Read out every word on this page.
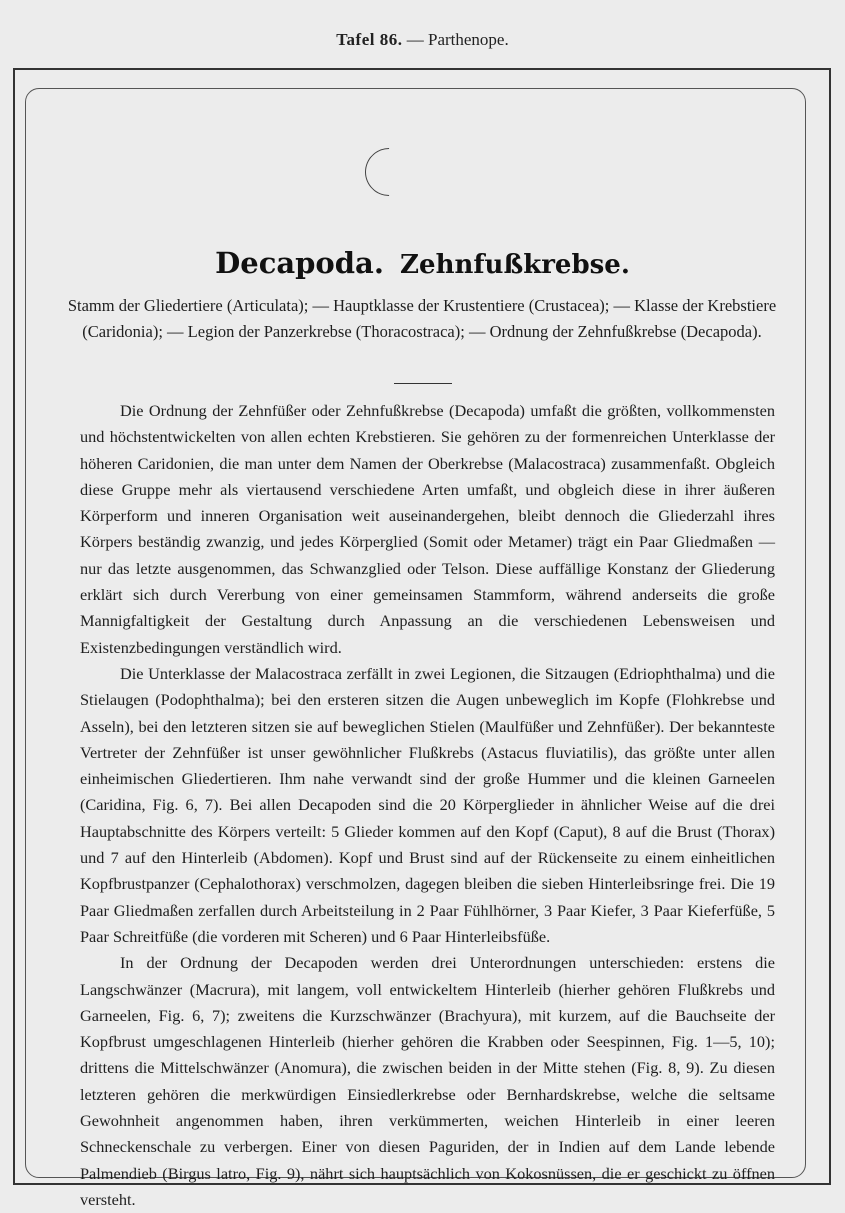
Tafel 86. — Parthenope.
Decapoda. Zehnfußkrebse.

Stamm der Gliedertiere (Articulata); — Hauptklasse der Krustentiere (Crustacea); — Klasse der Krebstiere (Caridonia); — Legion der Panzerkrebse (Thoracostraca); — Ordnung der Zehnfußkrebse (Decapoda).

Die Ordnung der Zehnfüßer oder Zehnfußkrebse (Decapoda) umfaßt die größten, vollkommensten und höchstentwickelten von allen echten Krebstieren. Sie gehören zu der formenreichen Unterklasse der höheren Caridonien, die man unter dem Namen der Oberkrebse (Malacostraca) zusammenfaßt. Obgleich diese Gruppe mehr als viertausend verschiedene Arten umfaßt, und obgleich diese in ihrer äußeren Körperform und inneren Organisation weit auseinandergehen, bleibt dennoch die Gliederzahl ihres Körpers beständig zwanzig, und jedes Körperglied (Somit oder Metamer) trägt ein Paar Gliedmaßen — nur das letzte ausgenommen, das Schwanzglied oder Telson. Diese auffällige Konstanz der Gliederung erklärt sich durch Vererbung von einer gemeinsamen Stammform, während anderseits die große Mannigfaltigkeit der Gestaltung durch Anpassung an die verschiedenen Lebensweisen und Existenzbedingungen verständlich wird.

Die Unterklasse der Malacostraca zerfällt in zwei Legionen, die Sitzaugen (Edriophthalma) und die Stielaugen (Podophthalma); bei den ersteren sitzen die Augen unbeweglich im Kopfe (Flohkrebse und Asseln), bei den letzteren sitzen sie auf beweglichen Stielen (Maulfüßer und Zehnfüßer). Der bekannteste Vertreter der Zehnfüßer ist unser gewöhnlicher Flußkrebs (Astacus fluviatilis), das größte unter allen einheimischen Gliedertieren. Ihm nahe verwandt sind der große Hummer und die kleinen Garneelen (Caridina, Fig. 6, 7). Bei allen Decapoden sind die 20 Körperglieder in ähnlicher Weise auf die drei Hauptabschnitte des Körpers verteilt: 5 Glieder kommen auf den Kopf (Caput), 8 auf die Brust (Thorax) und 7 auf den Hinterleib (Abdomen). Kopf und Brust sind auf der Rückenseite zu einem einheitlichen Kopfbrustpanzer (Cephalothorax) verschmolzen, dagegen bleiben die sieben Hinterleibsringe frei. Die 19 Paar Gliedmaßen zerfallen durch Arbeitsteilung in 2 Paar Fühlhörner, 3 Paar Kiefer, 3 Paar Kieferfüße, 5 Paar Schreitfüße (die vorderen mit Scheren) und 6 Paar Hinterleibsfüße.

In der Ordnung der Decapoden werden drei Unterordnungen unterschieden: erstens die Langschwänzer (Macrura), mit langem, voll entwickeltem Hinterleib (hierher gehören Flußkrebs und Garneelen, Fig. 6, 7); zweitens die Kurzschwänzer (Brachyura), mit kurzem, auf die Bauchseite der Kopfbrust umgeschlagenen Hinterleib (hierher gehören die Krabben oder Seespinnen, Fig. 1—5, 10); drittens die Mittelschwänzer (Anomura), die zwischen beiden in der Mitte stehen (Fig. 8, 9). Zu diesen letzteren gehören die merkwürdigen Einsiedlerkrebse oder Bernhardskrebse, welche die seltsame Gewohnheit angenommen haben, ihren verkümmerten, weichen Hinterleib in einer leeren Schneckenschale zu verbergen. Einer von diesen Paguriden, der in Indien auf dem Lande lebende Palmendieb (Birgus latro, Fig. 9), nährt sich hauptsächlich von Kokosnüssen, die er geschickt zu öffnen versteht.
